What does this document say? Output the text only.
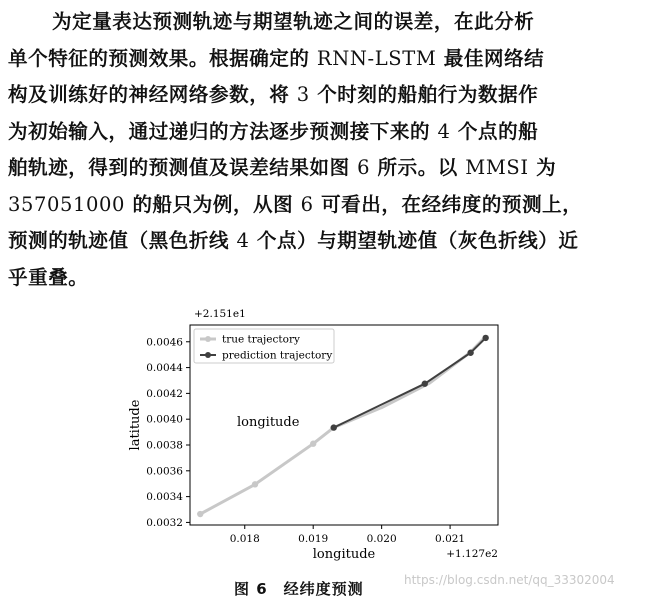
为定量表达预测轨迹与期望轨迹之间的误差，在此分析
单个特征的预测效果。根据确定的 RNN-LSTM 最佳网络结
构及训练好的神经网络参数，将 3 个时刻的船舶行为数据作
为初始输入，通过递归的方法逐步预测接下来的 4 个点的船
舶轨迹，得到的预测值及误差结果如图 6 所示。以 MMSI 为
357051000 的船只为例，从图 6 可看出，在经纬度的预测上，
预测的轨迹值（黑色折线 4 个点）与期望轨迹值（灰色折线）近
乎重叠。
+2.151e1
+1.127e2
0.018	0.019	0.020	0.021
0.0032
0.0034
0.0036
0.0038
0.0040
0.0042
0.0044
0.0046
longitude
latitude	longitude
true trajectory
prediction trajectory
图 6　经纬度预测	https://blog.csdn.net/qq_33302004
